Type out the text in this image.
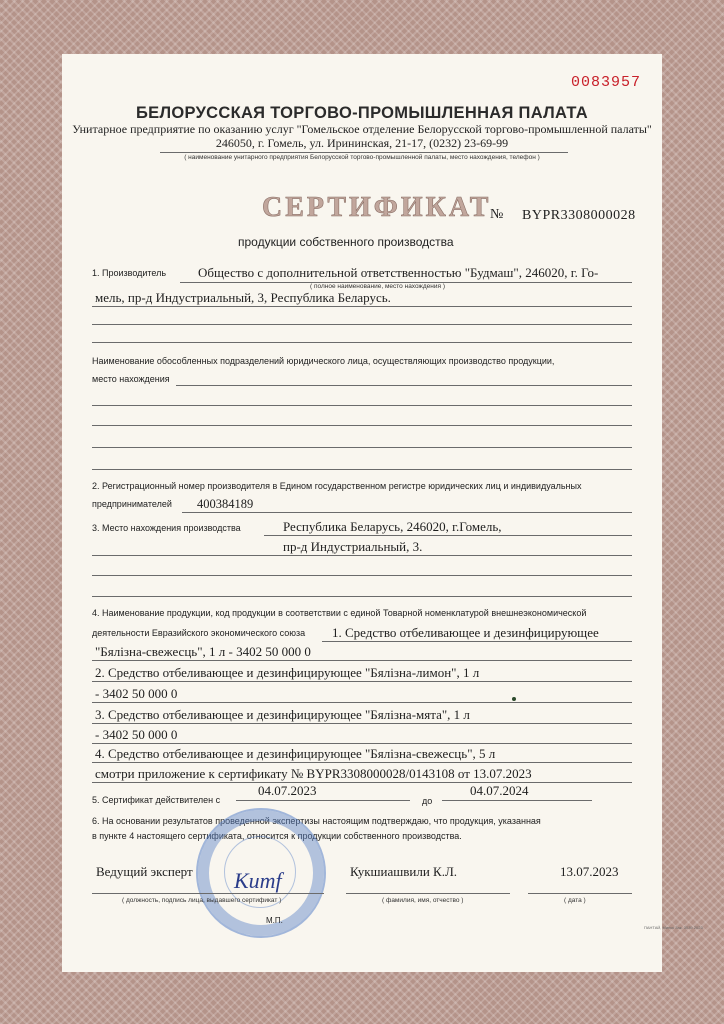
0083957
БЕЛОРУССКАЯ ТОРГОВО-ПРОМЫШЛЕННАЯ ПАЛАТА
Унитарное предприятие по оказанию услуг "Гомельское отделение Белорусской торгово-промышленной палаты"
246050, г. Гомель, ул. Ирининская, 21-17, (0232) 23-69-99
( наименование унитарного предприятия Белорусской торгово-промышленной палаты, место нахождения, телефон )
СЕРТИФИКАТ
№ BYPR3308000028
продукции собственного производства
1. Производитель Общество с дополнительной ответственностью "Будмаш", 246020, г. Го-
( полное наименование, место нахождения )
мель, пр-д Индустриальный, 3, Республика Беларусь.
Наименование обособленных подразделений юридического лица, осуществляющих производство продукции,
место нахождения
2. Регистрационный номер производителя в Едином государственном регистре юридических лиц и индивидуальных
предпринимателей 400384189
3. Место нахождения производства	Республика Беларусь, 246020, г.Гомель,
пр-д Индустриальный, 3.
4. Наименование продукции, код продукции в соответствии с единой Товарной номенклатурой внешнеэкономической
деятельности Евразийского экономического союза 1. Средство отбеливающее и дезинфицирующее
"Бялізна-свежесць", 1 л - 3402 50 000 0
2. Средство отбеливающее и дезинфицирующее "Бялізна-лимон", 1 л
- 3402 50 000 0
3. Средство отбеливающее и дезинфицирующее "Бялізна-мята", 1 л
- 3402 50 000 0
4. Средство отбеливающее и дезинфицирующее "Бялізна-свежесць", 5 л
смотри приложение к сертификату № BYPR3308000028/0143108 от 13.07.2023
5. Сертификат действителен с
04.07.2023
до
04.07.2024
6. На основании результатов проведенной экспертизы настоящим подтверждаю, что продукция, указанная
в пункте 4 настоящего сертификата, относится к продукции собственного производства.
Kumf
Ведущий эксперт	Кукшиашвили К.Л.	13.07.2023
( должность, подпись лица, выдавшего сертификат )	( фамилия, имя, отчество )	( дата )
М.П.
ПАНТАЙ, Минск Зак. 3039 2023
